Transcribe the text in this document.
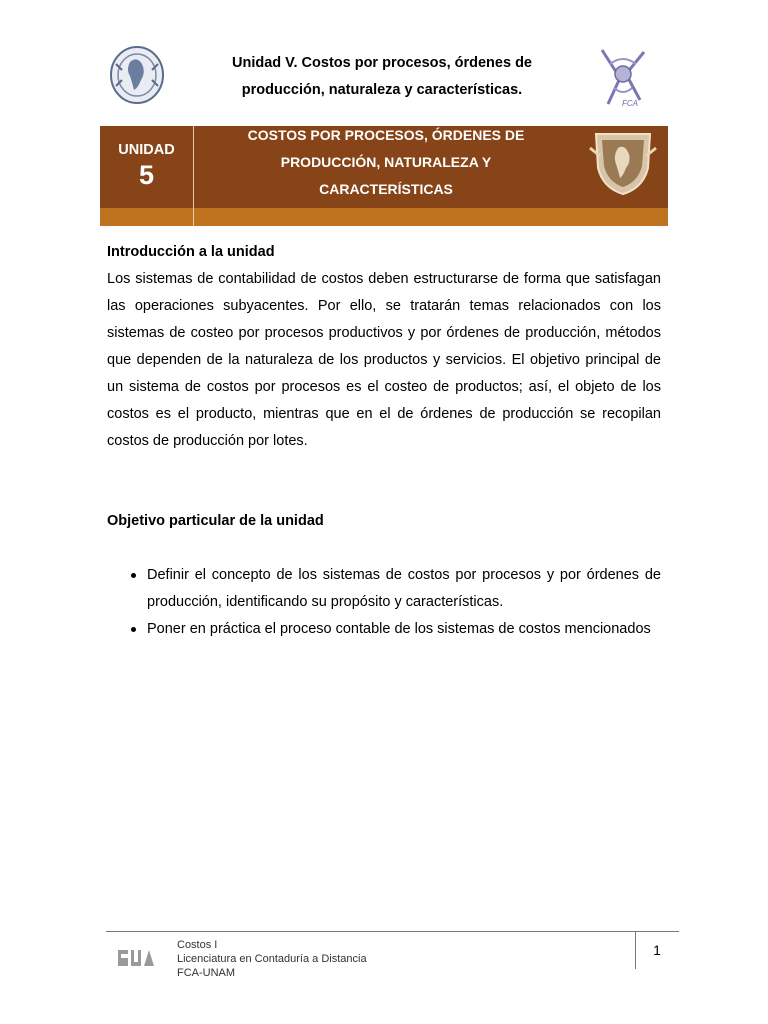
Unidad V. Costos por procesos, órdenes de
producción, naturaleza y características.
FCA
UNIDAD
5
COSTOS POR PROCESOS, ÓRDENES DE
PRODUCCIÓN, NATURALEZA Y
CARACTERÍSTICAS
Introducción a la unidad
Los sistemas de contabilidad de costos deben estructurarse de forma que satisfagan las operaciones subyacentes. Por ello, se tratarán temas relacionados con los sistemas de costeo por procesos productivos y por órdenes de producción, métodos que dependen de la naturaleza de los productos y servicios. El objetivo principal de un sistema de costos por procesos es el costeo de productos; así, el objeto de los costos es el producto, mientras que en el de órdenes de producción se recopilan costos de producción por lotes.
Objetivo particular de la unidad
Definir el concepto de los sistemas de costos por procesos y por órdenes de producción, identificando su propósito y características.
Poner en práctica el proceso contable de los sistemas de costos mencionados
Costos I
Licenciatura en Contaduría a Distancia
FCA-UNAM
1
